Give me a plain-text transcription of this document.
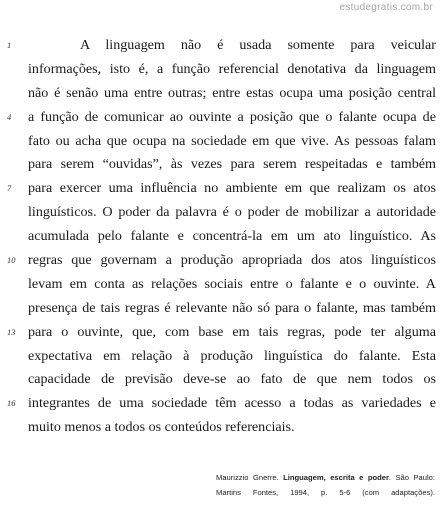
estudegratis.com.br
1	A linguagem não é usada somente para veicular
informações, isto é, a função referencial denotativa da linguagem
não é senão uma entre outras; entre estas ocupa uma posição central
4	a função de comunicar ao ouvinte a posição que o falante ocupa de
fato ou acha que ocupa na sociedade em que vive. As pessoas falam
para serem “ouvidas”, às vezes para serem respeitadas e também
7	para exercer uma influência no ambiente em que realizam os atos
linguísticos. O poder da palavra é o poder de mobilizar a autoridade
acumulada pelo falante e concentrá-la em um ato linguístico. As
10 regras que governam a produção apropriada dos atos linguísticos
levam em conta as relações sociais entre o falante e o ouvinte. A
presença de tais regras é relevante não só para o falante, mas também
13 para o ouvinte, que, com base em tais regras, pode ter alguma
expectativa em relação à produção linguística do falante. Esta
capacidade de previsão deve-se ao fato de que nem todos os
16 integrantes de uma sociedade têm acesso a todas as variedades e
muito menos a todos os conteúdos referenciais.
Maurizzio Gnerre. Linguagem, escrita e poder. São Paulo:
Martins Fontes, 1994, p. 5-6 (com adaptações).
